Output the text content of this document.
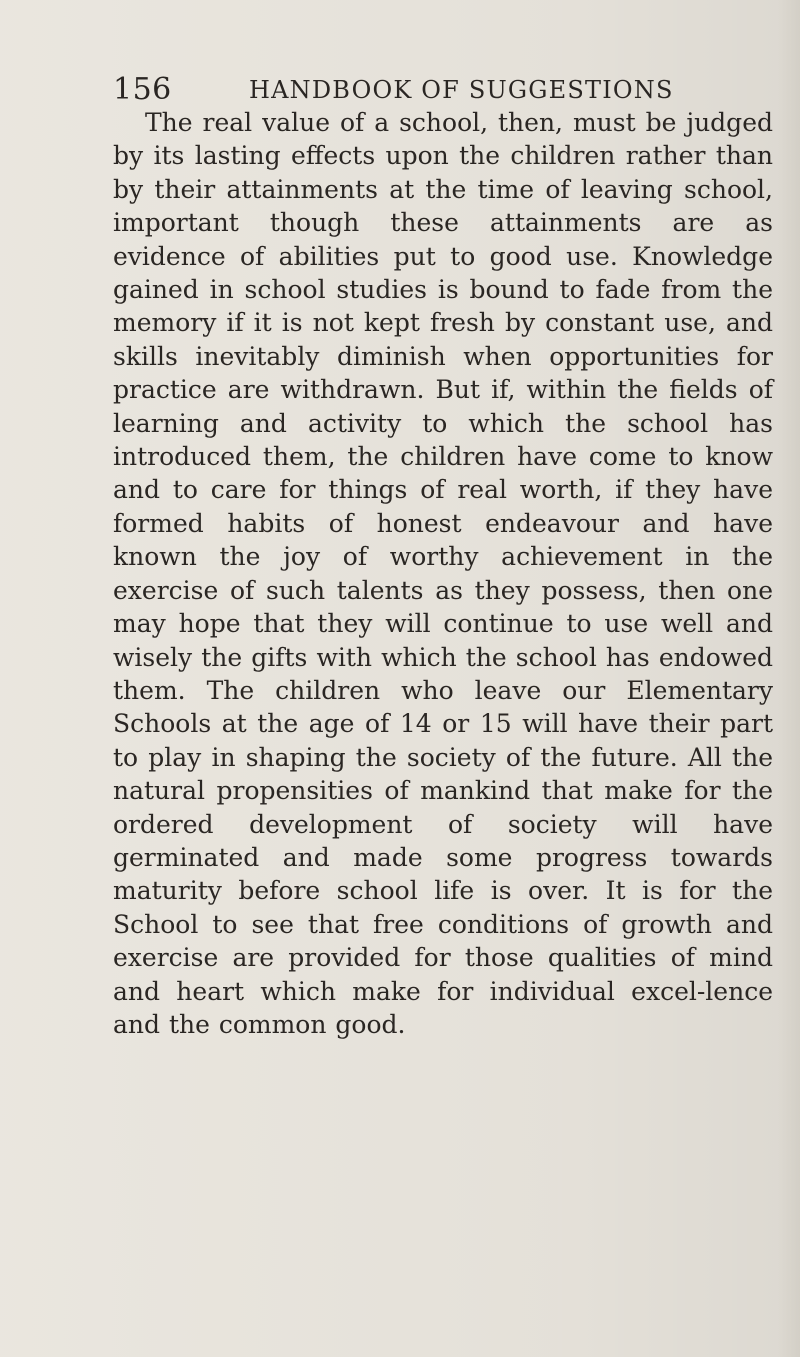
156	HANDBOOK OF SUGGESTIONS

The real value of a school, then, must be judged by its lasting effects upon the children rather than by their attainments at the time of leaving school, important though these attainments are as evidence of abilities put to good use. Knowledge gained in school studies is bound to fade from the memory if it is not kept fresh by constant use, and skills inevitably diminish when opportunities for practice are withdrawn. But if, within the fields of learning and activity to which the school has introduced them, the children have come to know and to care for things of real worth, if they have formed habits of honest endeavour and have known the joy of worthy achievement in the exercise of such talents as they possess, then one may hope that they will continue to use well and wisely the gifts with which the school has endowed them. The children who leave our Elementary Schools at the age of 14 or 15 will have their part to play in shaping the society of the future. All the natural propensities of mankind that make for the ordered development of society will have germinated and made some progress towards maturity before school life is over. It is for the School to see that free conditions of growth and exercise are provided for those qualities of mind and heart which make for individual excel-lence and the common good.
